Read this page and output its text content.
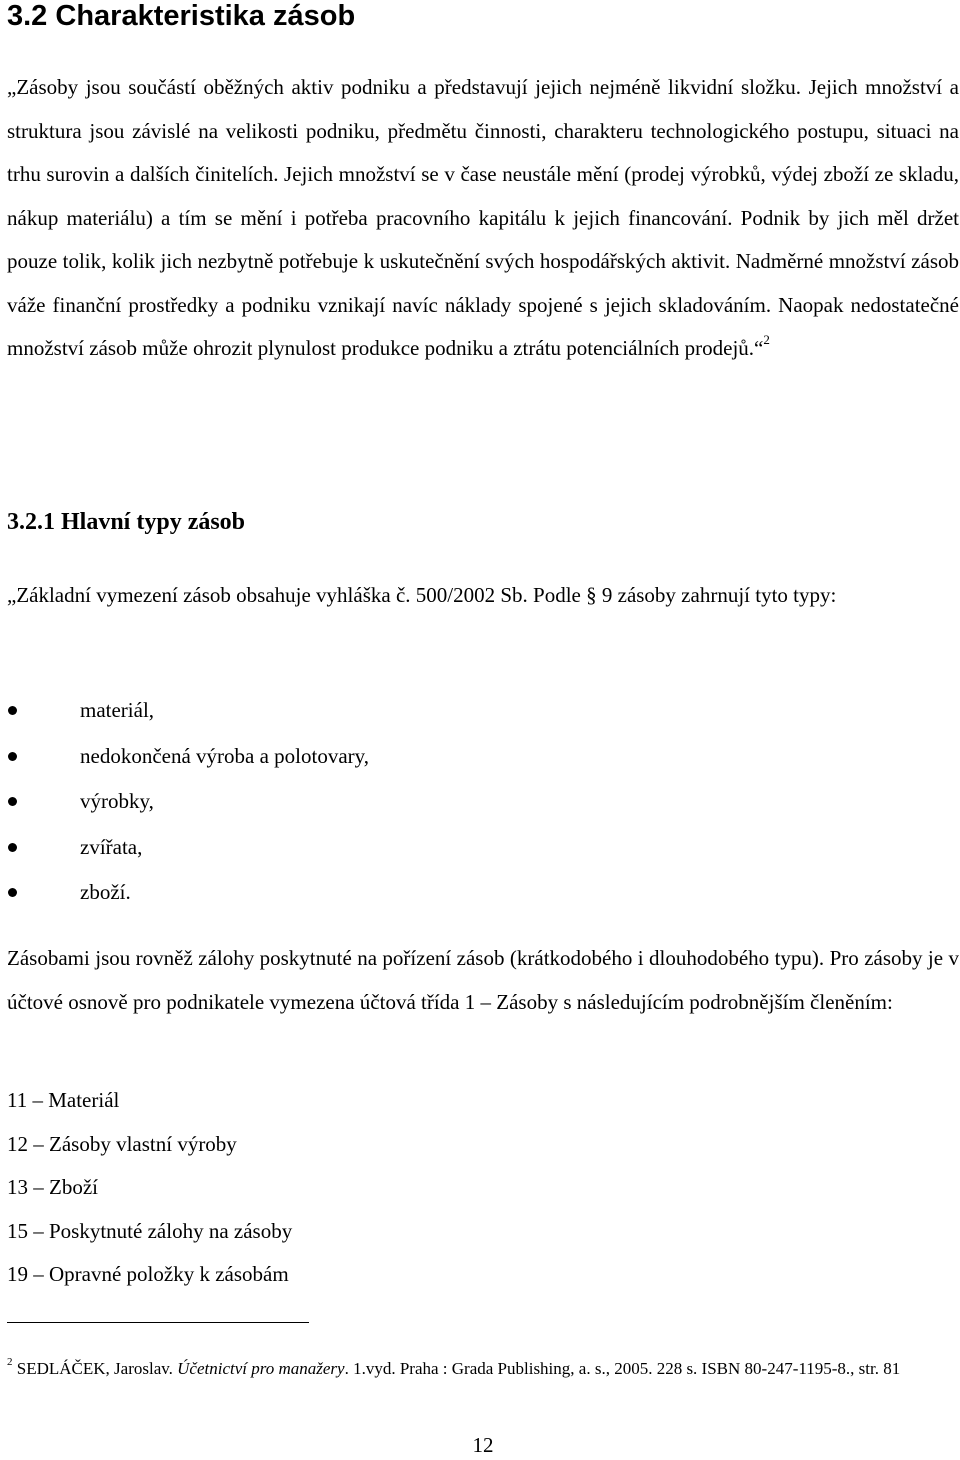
3.2 Charakteristika zásob

„Zásoby jsou součástí oběžných aktiv podniku a představují jejich nejméně likvidní složku. Jejich množství a struktura jsou závislé na velikosti podniku, předmětu činnosti, charakteru technologického postupu, situaci na trhu surovin a dalších činitelích. Jejich množství se v čase neustále mění (prodej výrobků, výdej zboží ze skladu, nákup materiálu) a tím se mění i potřeba pracovního kapitálu k jejich financování. Podnik by jich měl držet pouze tolik, kolik jich nezbytně potřebuje k uskutečnění svých hospodářských aktivit. Nadměrné množství zásob váže finanční prostředky a podniku vznikají navíc náklady spojené s jejich skladováním. Naopak nedostatečné množství zásob může ohrozit plynulost produkce podniku a ztrátu potenciálních prodejů.“$^2$

3.2.1 Hlavní typy zásob

„Základní vymezení zásob obsahuje vyhláška č. 500/2002 Sb. Podle § 9 zásoby zahrnují tyto typy:

materiál,
nedokončená výroba a polotovary,
výrobky,
zvířata,
zboží.

Zásobami jsou rovněž zálohy poskytnuté na pořízení zásob (krátkodobého i dlouhodobého typu). Pro zásoby je v účtové osnově pro podnikatele vymezena účtová třída 1 – Zásoby s následujícím podrobnějším členěním:

11 – Materiál
12 – Zásoby vlastní výroby
13 – Zboží
15 – Poskytnuté zálohy na zásoby
19 – Opravné položky k zásobám

$^2$ SEDLÁČEK, Jaroslav. Účetnictví pro manažery. 1.vyd. Praha : Grada Publishing, a. s., 2005. 228 s. ISBN 80-247-1195-8., str. 81

12
